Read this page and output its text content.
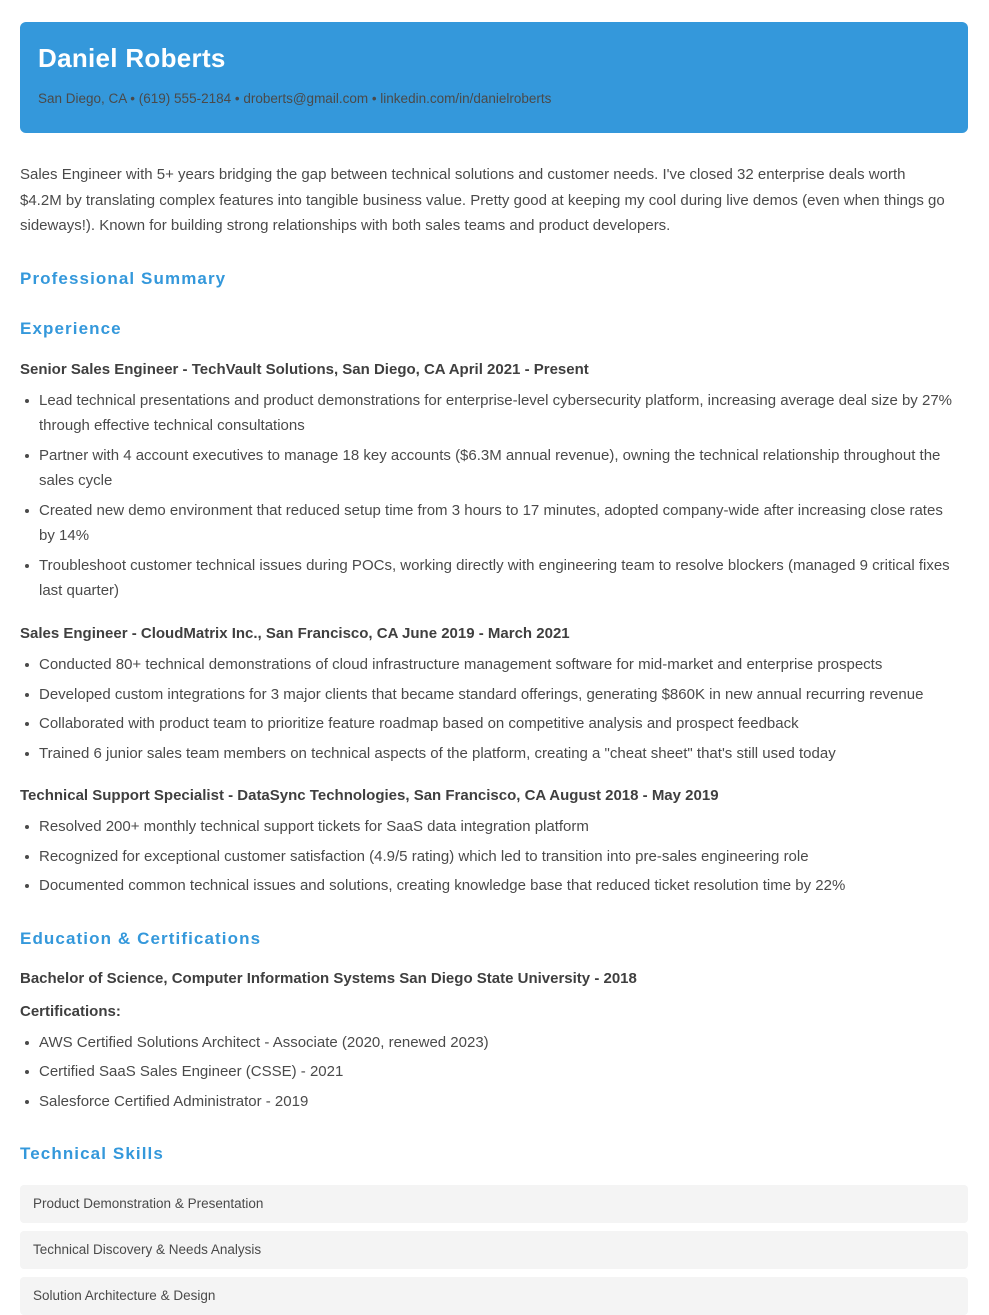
Daniel Roberts
San Diego, CA • (619) 555-2184 • droberts@gmail.com • linkedin.com/in/danielroberts

Sales Engineer with 5+ years bridging the gap between technical solutions and customer needs. I've closed 32 enterprise deals worth $4.2M by translating complex features into tangible business value. Pretty good at keeping my cool during live demos (even when things go sideways!). Known for building strong relationships with both sales teams and product developers.

Professional Summary
Experience
Senior Sales Engineer - TechVault Solutions, San Diego, CA April 2021 - Present
Lead technical presentations and product demonstrations for enterprise-level cybersecurity platform, increasing average deal size by 27% through effective technical consultations
Partner with 4 account executives to manage 18 key accounts ($6.3M annual revenue), owning the technical relationship throughout the sales cycle
Created new demo environment that reduced setup time from 3 hours to 17 minutes, adopted company-wide after increasing close rates by 14%
Troubleshoot customer technical issues during POCs, working directly with engineering team to resolve blockers (managed 9 critical fixes last quarter)
Sales Engineer - CloudMatrix Inc., San Francisco, CA June 2019 - March 2021
Conducted 80+ technical demonstrations of cloud infrastructure management software for mid-market and enterprise prospects
Developed custom integrations for 3 major clients that became standard offerings, generating $860K in new annual recurring revenue
Collaborated with product team to prioritize feature roadmap based on competitive analysis and prospect feedback
Trained 6 junior sales team members on technical aspects of the platform, creating a "cheat sheet" that's still used today
Technical Support Specialist - DataSync Technologies, San Francisco, CA August 2018 - May 2019
Resolved 200+ monthly technical support tickets for SaaS data integration platform
Recognized for exceptional customer satisfaction (4.9/5 rating) which led to transition into pre-sales engineering role
Documented common technical issues and solutions, creating knowledge base that reduced ticket resolution time by 22%
Education & Certifications
Bachelor of Science, Computer Information Systems San Diego State University - 2018
Certifications:
AWS Certified Solutions Architect - Associate (2020, renewed 2023)
Certified SaaS Sales Engineer (CSSE) - 2021
Salesforce Certified Administrator - 2019
Technical Skills
Product Demonstration & Presentation
Technical Discovery & Needs Analysis
Solution Architecture & Design
